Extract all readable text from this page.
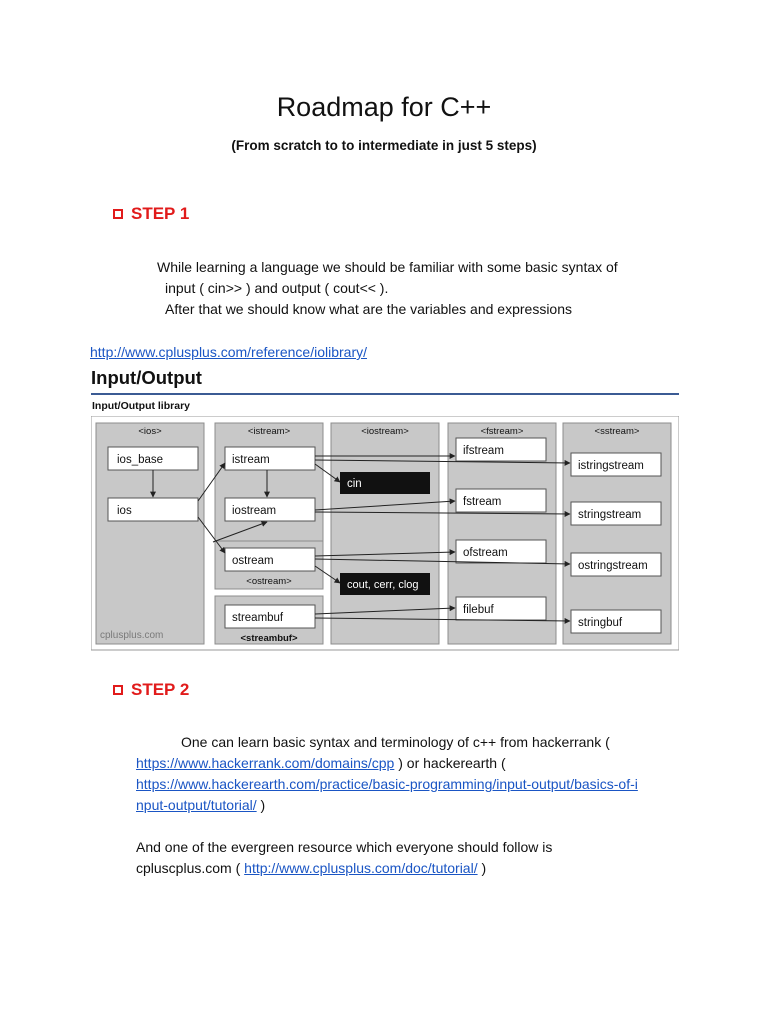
Roadmap for C++
(From scratch to to intermediate in just 5 steps)
STEP 1
While learning a language we should be familiar with some basic syntax of
input ( cin>> ) and output ( cout<< ).
After that we should know what are the variables and expressions
http://www.cplusplus.com/reference/iolibrary/
Input/Output
Input/Output library
<ios>	<istream>	<iostream>	<fstream>	<sstream>
<ostream>
<streambuf>
cplusplus.com
ios_base
ios
istream
iostream
ostream
streambuf
cin
cout, cerr, clog
ifstream
fstream
ofstream
filebuf
istringstream
stringstream
ostringstream
stringbuf
STEP 2
One can learn basic syntax and terminology of c++ from hackerrank (
https://www.hackerrank.com/domains/cpp ) or hackerearth (
https://www.hackerearth.com/practice/basic-programming/input-output/basics-of-i
nput-output/tutorial/ )
And one of the evergreen resource which everyone should follow is
cpluscplus.com ( http://www.cplusplus.com/doc/tutorial/ )
